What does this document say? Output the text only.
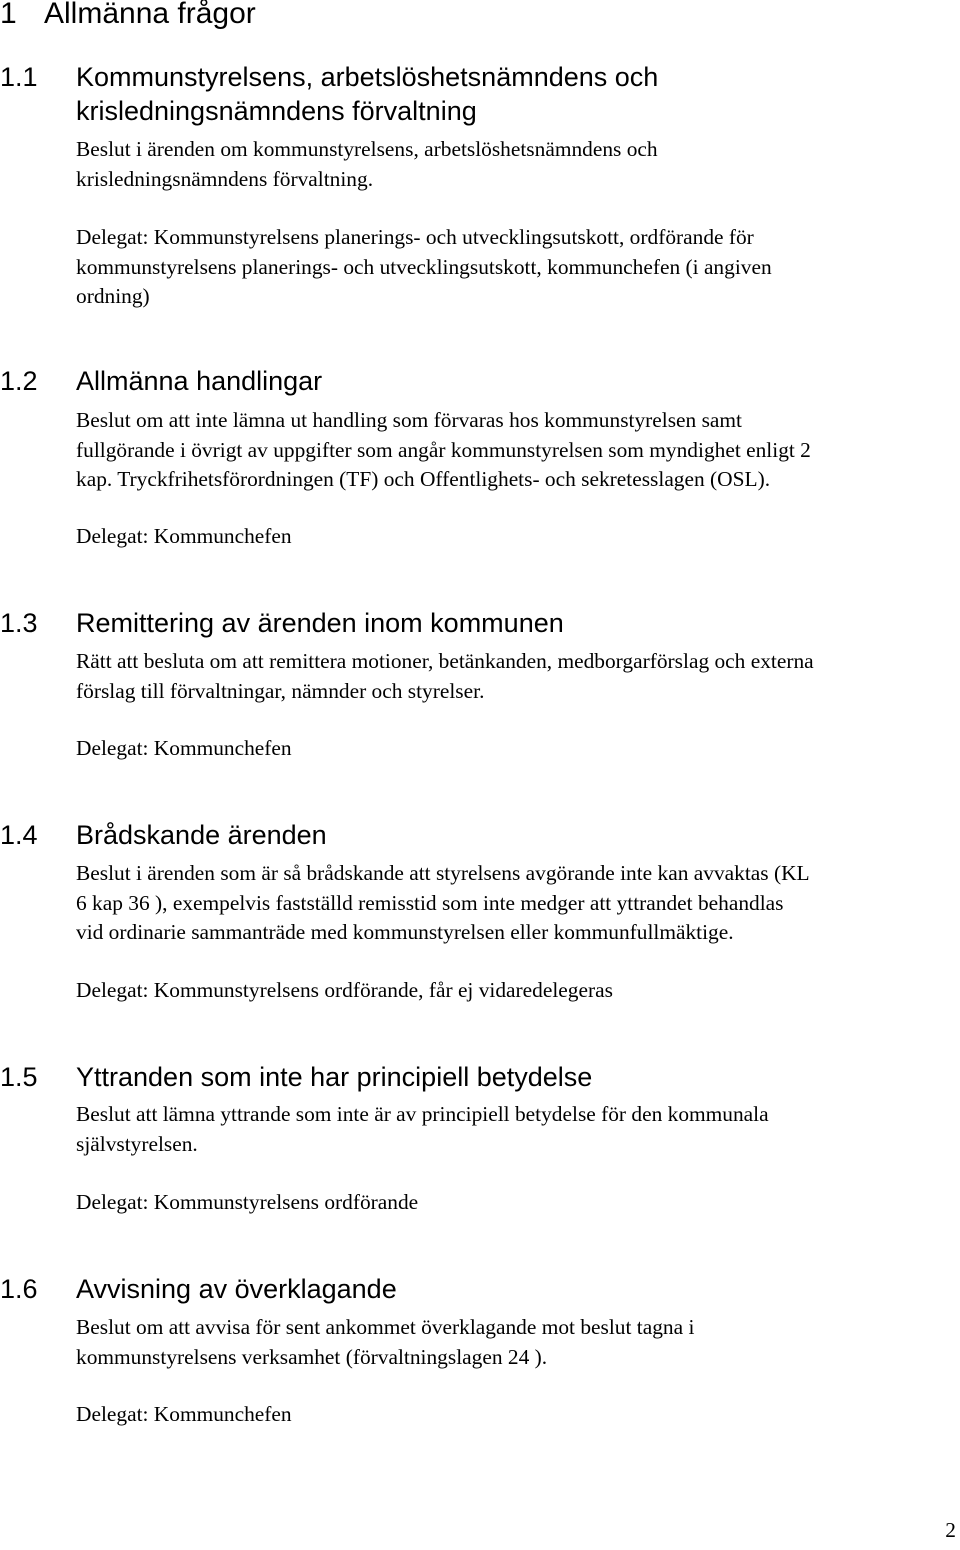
1 Allmänna frågor
1.1 Kommunstyrelsens, arbetslöshetsnämndens och
krisledningsnämndens förvaltning
Beslut i ärenden om kommunstyrelsens, arbetslöshetsnämndens och
krisledningsnämndens förvaltning.
Delegat: Kommunstyrelsens planerings- och utvecklingsutskott, ordförande för
kommunstyrelsens planerings- och utvecklingsutskott, kommunchefen (i angiven
ordning)
1.2 Allmänna handlingar
Beslut om att inte lämna ut handling som förvaras hos kommunstyrelsen samt
fullgörande i övrigt av uppgifter som angår kommunstyrelsen som myndighet enligt 2
kap. Tryckfrihetsförordningen (TF) och Offentlighets- och sekretesslagen (OSL).
Delegat: Kommunchefen
1.3 Remittering av ärenden inom kommunen
Rätt att besluta om att remittera motioner, betänkanden, medborgarförslag och externa
förslag till förvaltningar, nämnder och styrelser.
Delegat: Kommunchefen
1.4 Brådskande ärenden
Beslut i ärenden som är så brådskande att styrelsens avgörande inte kan avvaktas (KL
6 kap 36 ), exempelvis fastställd remisstid som inte medger att yttrandet behandlas
vid ordinarie sammanträde med kommunstyrelsen eller kommunfullmäktige.
Delegat: Kommunstyrelsens ordförande, får ej vidaredelegeras
1.5 Yttranden som inte har principiell betydelse
Beslut att lämna yttrande som inte är av principiell betydelse för den kommunala
självstyrelsen.
Delegat: Kommunstyrelsens ordförande
1.6 Avvisning av överklagande
Beslut om att avvisa för sent ankommet överklagande mot beslut tagna i
kommunstyrelsens verksamhet (förvaltningslagen 24 ).
Delegat: Kommunchefen
2
